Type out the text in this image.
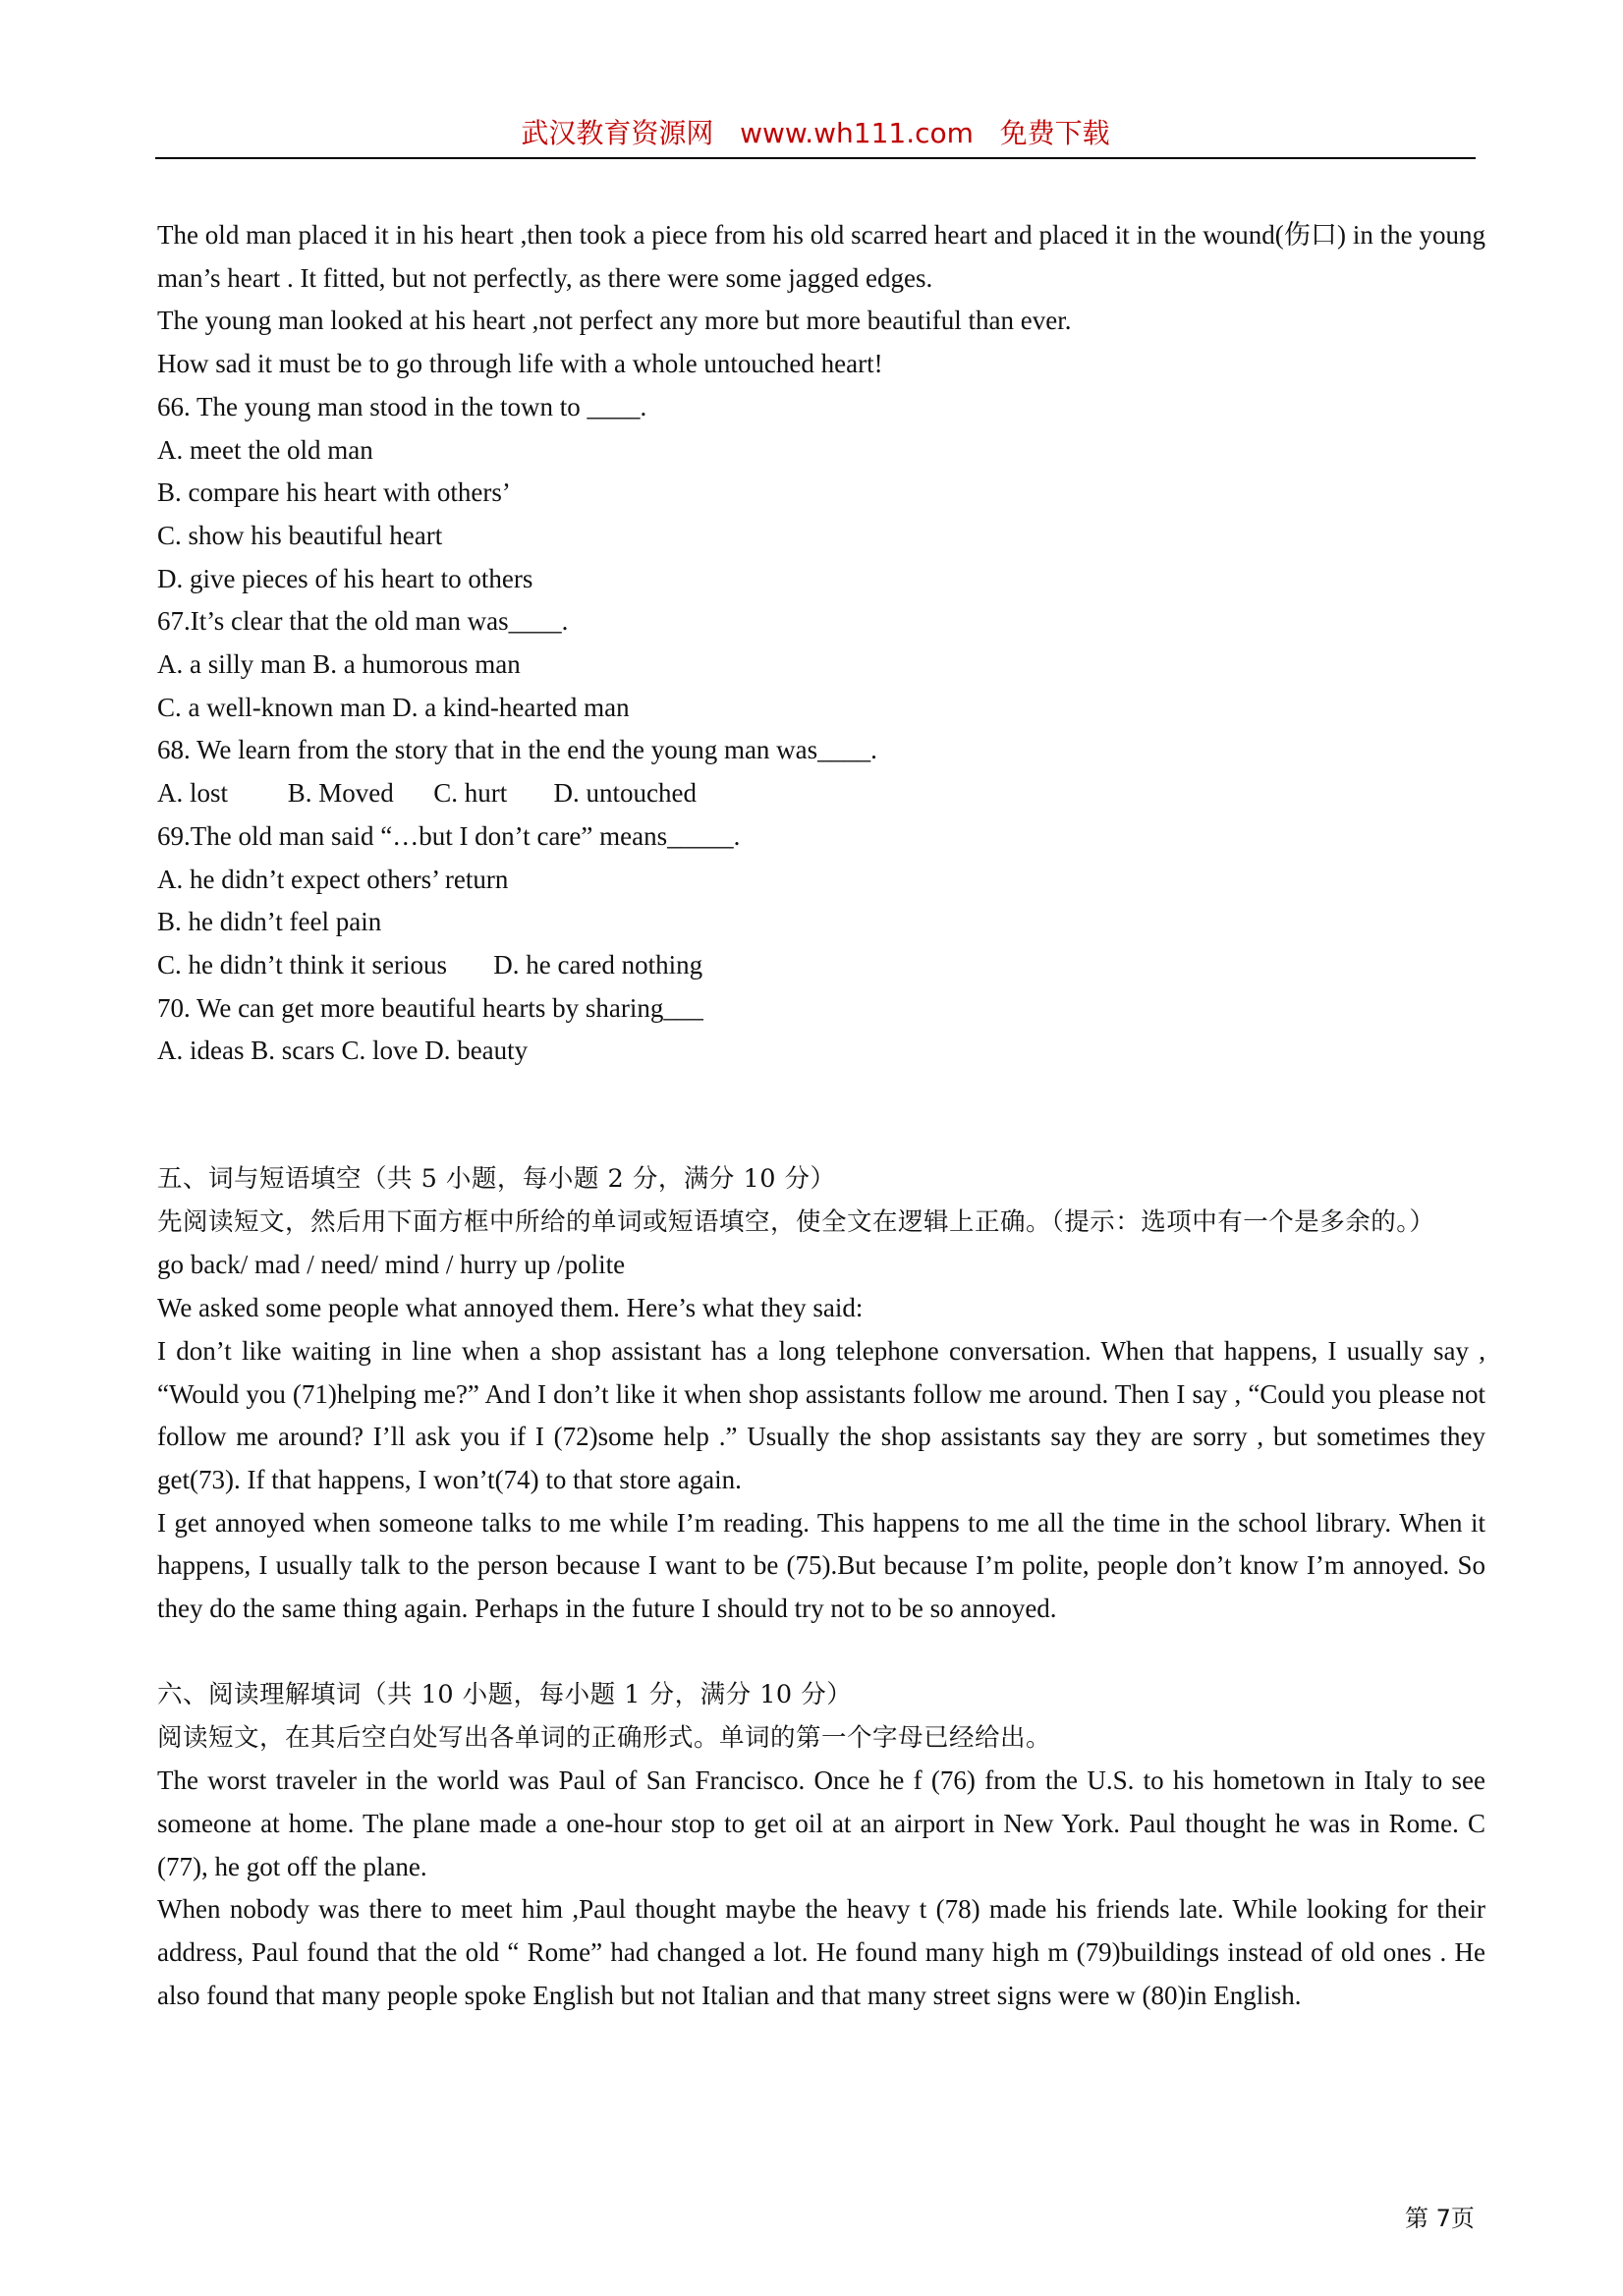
武汉教育资源网   www.wh111.com   免费下载

The old man placed it in his heart ,then took a piece from his old scarred heart and placed it in the wound(伤口) in the young man’s heart . It fitted, but not perfectly, as there were some jagged edges.

The young man looked at his heart ,not perfect any more but more beautiful than ever.

How sad it must be to go through life with a whole untouched heart!

66. The young man stood in the town to ____.

A. meet the old man

B. compare his heart with others’

C. show his beautiful heart

D. give pieces of his heart to others

67.It’s clear that the old man was____.

A. a silly man B. a humorous man

C. a well-known man D. a kind-hearted man

68. We learn from the story that in the end the young man was____.

A. lost         B. Moved      C. hurt       D. untouched

69.The old man said “…but I don’t care” means_____.

A. he didn’t expect others’ return

B. he didn’t feel pain

C. he didn’t think it serious       D. he cared nothing

70. We can get more beautiful hearts by sharing___

A. ideas B. scars C. love D. beauty

五、词与短语填空（共 5 小题，每小题 2 分，满分 10 分）

先阅读短文，然后用下面方框中所给的单词或短语填空，使全文在逻辑上正确。（提示：选项中有一个是多余的。）

go back/ mad / need/ mind / hurry up /polite

We asked some people what annoyed them. Here’s what they said:

I don’t like waiting in line when a shop assistant has a long telephone conversation. When that happens, I usually say , “Would you (71)helping me?” And I don’t like it when shop assistants follow me around. Then I say , “Could you please not follow me around? I’ll ask you if I (72)some help .” Usually the shop assistants say they are sorry , but sometimes they get(73). If that happens, I won’t(74) to that store again.

I get annoyed when someone talks to me while I’m reading. This happens to me all the time in the school library. When it happens, I usually talk to the person because I want to be (75).But because I’m polite, people don’t know I’m annoyed. So they do the same thing again. Perhaps in the future I should try not to be so annoyed.

六、阅读理解填词（共 10 小题，每小题 1 分，满分 10 分）

阅读短文，在其后空白处写出各单词的正确形式。单词的第一个字母已经给出。

The worst traveler in the world was Paul of San Francisco. Once he f (76) from the U.S. to his hometown in Italy to see someone at home. The plane made a one-hour stop to get oil at an airport in New York. Paul thought he was in Rome. C (77), he got off the plane.

When nobody was there to meet him ,Paul thought maybe the heavy t (78) made his friends late. While looking for their address, Paul found that the old “ Rome” had changed a lot. He found many high m (79)buildings instead of old ones . He also found that many people spoke English but not Italian and that many street signs were w (80)in English.

第 7页
